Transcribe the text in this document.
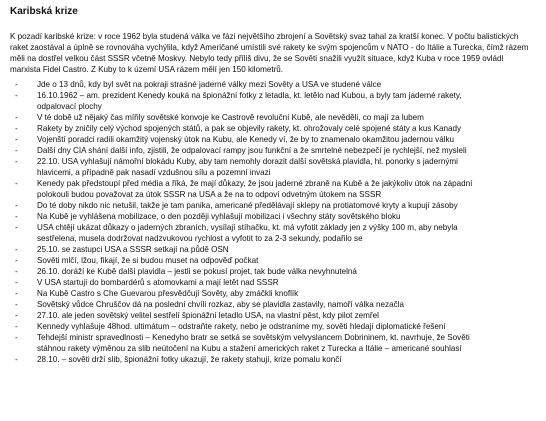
Karibská krize

K pozadí karibské krize: v roce 1962 byla studená válka ve fázi největšího zbrojení a Sovětský svaz tahal za kratší konec. V počtu balistických raket zaostával a úplně se rovnováha vychýlila, když Američané umístili své rakety ke svým spojencům v NATO - do Itálie a Turecka, čímž rázem měli na dostřel velkou část SSSR včetně Moskvy. Nebylo tedy příliš divu, že se Sověti snažili využít situace, když Kuba v roce 1959 ovládl marxista Fidel Castro. Z Kuby to k území USA rázem mělí jen 150 kilometrů.

- Jde o 13 dnů, kdy byl svět na pokraji straśné jaderné války mezi Sověty a USA ve studené válce
- 16.10.1962 – am. prezident Kenedy kouká na špionážní fotky z letadla, kt. letělo nad Kubou, a byly tam jaderné rakety,
odpalovací plochy
- V té době už nějaký čas mířily sovětské konvoje ke Castrově revoluční Kubě, ale nevěděli, co mají za lubem
- Rakety by zničily celý východ spojených států, a pak se objevily rakety, kt. ohrožovaly celé spojené státy a kus Kanady
- Vojenští poradci radili okamžitý vojenský útok na Kubu, ale Kenedy ví, že by to znamenalo okamžitou jadernou válku
- Další dny CIA shání další info, zjistili, že odpalovací rampy jsou funkční a že smrtelné nebezpečí je rychlejší, než mysleli
- 22.10. USA vyhlašují námořní blokádu Kuby, aby tam nemohly dorazit další sovětská plavidla, hl. ponorky s jadernými
hlavicemi, a případně pak nasadí vzdušnou sílu a pozemní invazi
- Kenedy pak předstoupí před média a říká, že mají důkazy, že jsou jaderné zbraně na Kubě a že jakýkoliv útok na západní
polokouli budou považovat za útok SSSR na USA a že na to odpoví odvetným útokem na SSSR
- Do té doby nikdo nic netušil, takže je tam panika, americané předělávají sklepy na protiatomové kryty a kupují zásoby
- Na Kubě je vyhlášena mobilizace, o den později vyhlašují mobilizaci i všechny státy sovětského bloku
- USA chtějí ukázat důkazy o jaderných zbraních, vysílají stíhačku, kt. má vyfotit základy jen z výšky 100 m, aby nebyla
sestřelena, musela dodržovat nadzvukovou rychlost a vyfotit to za 2-3 sekundy, podařilo se
- 25.10. se zastupci USA a SSSR setkají na půdě OSN
- Sověti mlčí, lžou, fikají, že si budou muset na odpověď počkat
- 26.10. doráží ke Kubě další plavidla – jestli se pokusí projet, tak bude válka nevyhnutelná
- V USA startují do bombardérů s atomovkami a mají letět nad SSSR
- Na Kubě Castro s Che Guevarou přesvědčují Sověty, aby zmáčkli knoflík
- Sovětský vůdce Chruščov dá na poslední chvíli rozkaz, aby se plavidla zastavily, namoří válka nezačla
- 27.10. ale jeden sovětský velitel sestřelí špionážní letadlo USA, na vlastní pěst, kdy pilot zemřel
- Kennedy vyhlašuje 48hod. ultimátum – odstraňte rakety, nebo je odstraníme my, sověti hledají diplomatické řešení
- Tehdejší ministr spravedlnosti – Kenedyho bratr se setká se sovětským velvyslancem Dobrininem, kt. navrhuje, že Sověti
stáhnou rakety výměnou za slib neútočení na Kubu a stažení amerických raket z Turecka a Itálie – americané souhlasí
- 28.10. – sověti drží slib, špionážní fotky ukazují, že rakety stahují, krize pomalu končí
